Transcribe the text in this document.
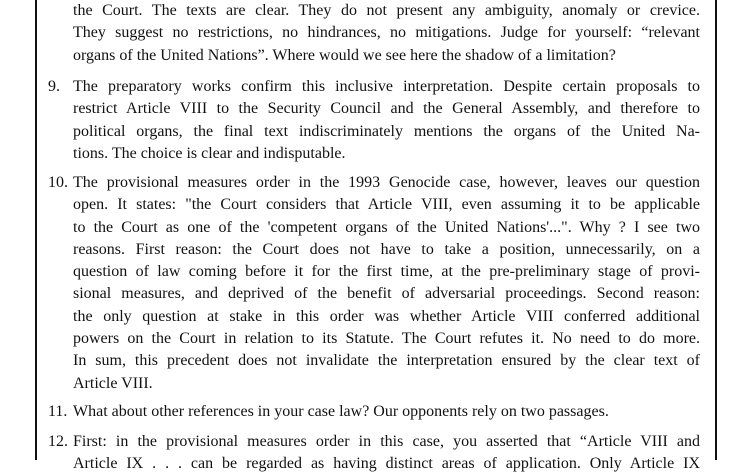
the Court. The texts are clear. They do not present any ambiguity, anomaly or crevice.
They suggest no restrictions, no hindrances, no mitigations. Judge for yourself: “relevant
organs of the United Nations”. Where would we see here the shadow of a limitation?
9. The preparatory works confirm this inclusive interpretation. Despite certain proposals to
restrict Article VIII to the Security Council and the General Assembly, and therefore to
political organs, the final text indiscriminately mentions the organs of the United Na-
tions. The choice is clear and indisputable.
10. The provisional measures order in the 1993 Genocide case, however, leaves our question
open. It states: "the Court considers that Article VIII, even assuming it to be applicable
to the Court as one of the 'competent organs of the United Nations'...". Why ? I see two
reasons. First reason: the Court does not have to take a position, unnecessarily, on a
question of law coming before it for the first time, at the pre-preliminary stage of provi-
sional measures, and deprived of the benefit of adversarial proceedings. Second reason:
the only question at stake in this order was whether Article VIII conferred additional
powers on the Court in relation to its Statute. The Court refutes it. No need to do more.
In sum, this precedent does not invalidate the interpretation ensured by the clear text of
Article VIII.
11. What about other references in your case law? Our opponents rely on two passages.
12. First: in the provisional measures order in this case, you asserted that “Article VIII and
Article IX . . . can be regarded as having distinct areas of application. Only Article IX
